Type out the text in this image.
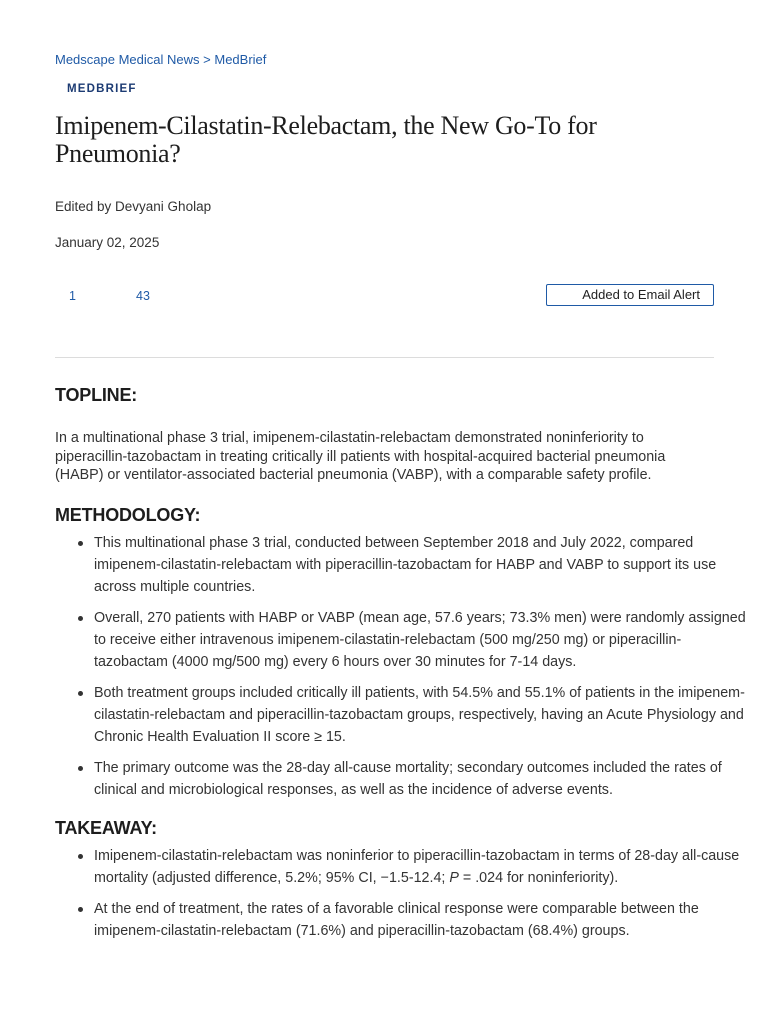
Medscape Medical News > MedBrief
MEDBRIEF
Imipenem-Cilastatin-Relebactam, the New Go-To for Pneumonia?
Edited by Devyani Gholap
January 02, 2025
1	43	Added to Email Alert
TOPLINE:

In a multinational phase 3 trial, imipenem-cilastatin-relebactam demonstrated noninferiority to piperacillin-tazobactam in treating critically ill patients with hospital-acquired bacterial pneumonia (HABP) or ventilator-associated bacterial pneumonia (VABP), with a comparable safety profile.

METHODOLOGY:
This multinational phase 3 trial, conducted between September 2018 and July 2022, compared imipenem-cilastatin-relebactam with piperacillin-tazobactam for HABP and VABP to support its use across multiple countries.
Overall, 270 patients with HABP or VABP (mean age, 57.6 years; 73.3% men) were randomly assigned to receive either intravenous imipenem-cilastatin-relebactam (500 mg/250 mg) or piperacillin-tazobactam (4000 mg/500 mg) every 6 hours over 30 minutes for 7-14 days.
Both treatment groups included critically ill patients, with 54.5% and 55.1% of patients in the imipenem-cilastatin-relebactam and piperacillin-tazobactam groups, respectively, having an Acute Physiology and Chronic Health Evaluation II score ≥ 15.
The primary outcome was the 28-day all-cause mortality; secondary outcomes included the rates of clinical and microbiological responses, as well as the incidence of adverse events.
TAKEAWAY:
Imipenem-cilastatin-relebactam was noninferior to piperacillin-tazobactam in terms of 28-day all-cause mortality (adjusted difference, 5.2%; 95% CI, −1.5-12.4; P = .024 for noninferiority).
At the end of treatment, the rates of a favorable clinical response were comparable between the imipenem-cilastatin-relebactam (71.6%) and piperacillin-tazobactam (68.4%) groups.
